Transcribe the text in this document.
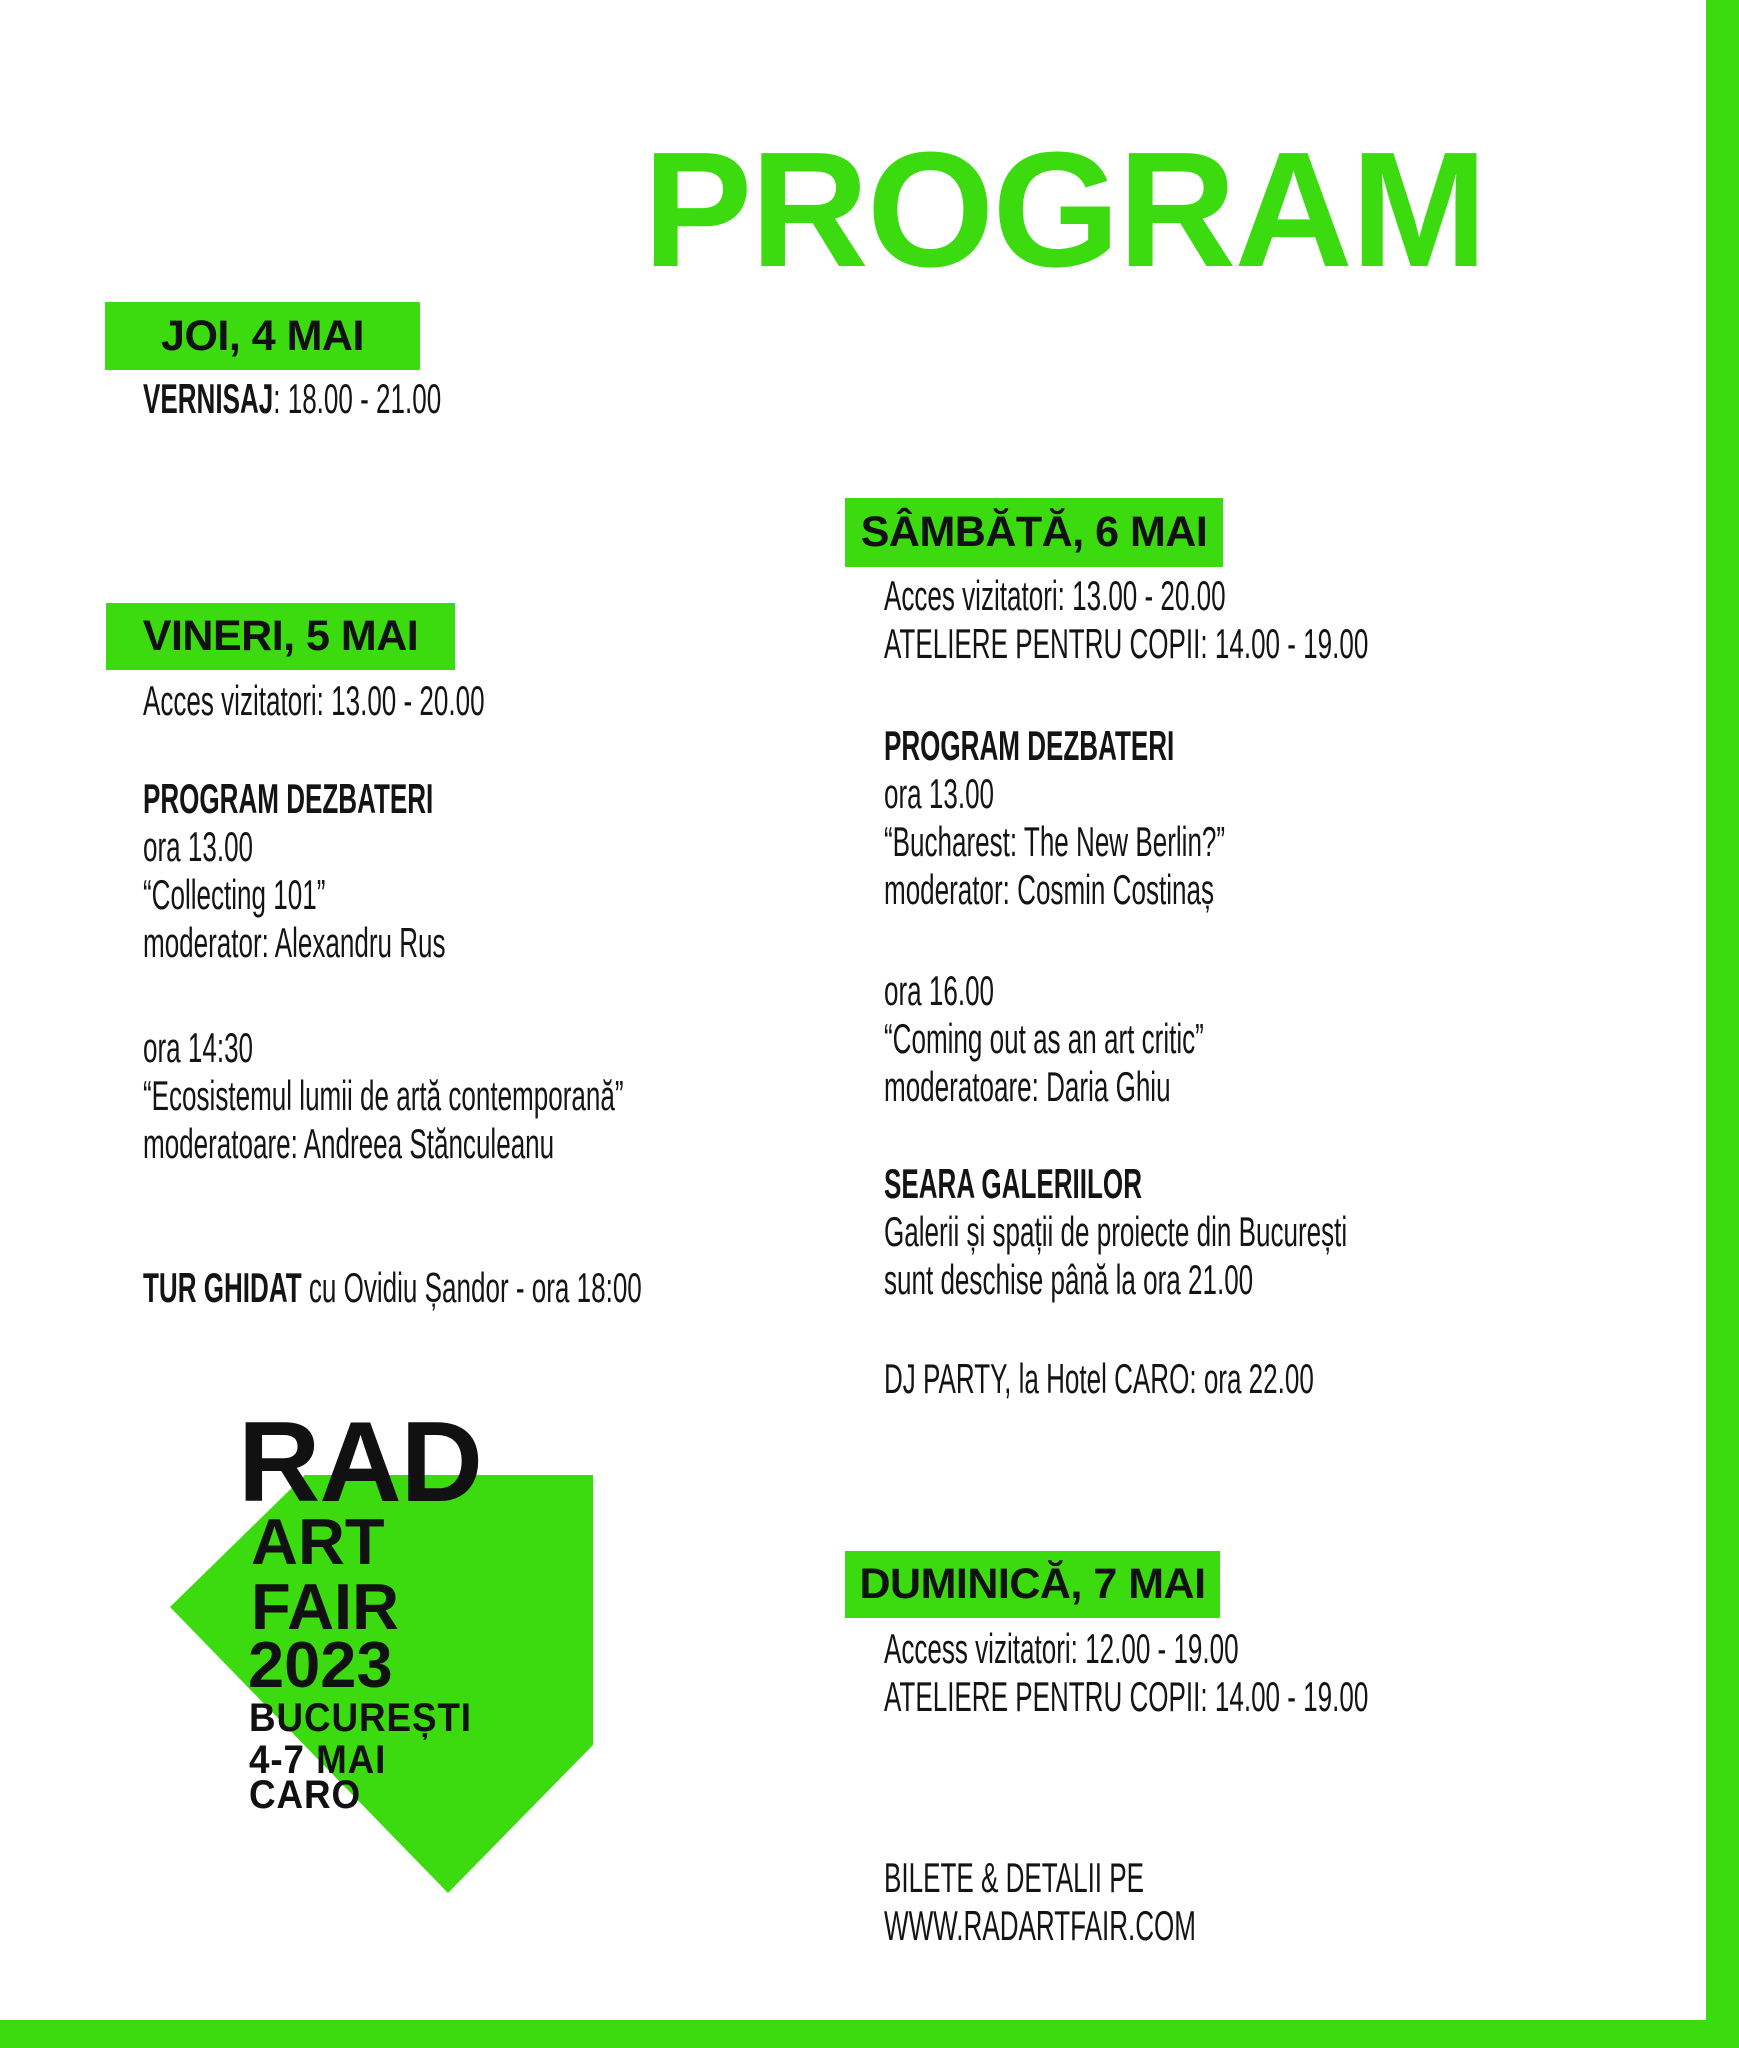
PROGRAM
JOI, 4 MAI
VERNISAJ: 18.00 - 21.00
VINERI, 5 MAI
Acces vizitatori: 13.00 - 20.00
PROGRAM DEZBATERI
ora 13.00
“Collecting 101”
moderator: Alexandru Rus
ora 14:30
“Ecosistemul lumii de artă contemporană”
moderatoare: Andreea Stănculeanu
TUR GHIDAT cu Ovidiu Șandor - ora 18:00
SÂMBĂTĂ, 6 MAI
Acces vizitatori: 13.00 - 20.00
ATELIERE PENTRU COPII: 14.00 - 19.00
PROGRAM DEZBATERI
ora 13.00
“Bucharest: The New Berlin?”
moderator: Cosmin Costinaș
ora 16.00
“Coming out as an art critic”
moderatoare: Daria Ghiu
SEARA GALERIILOR
Galerii și spații de proiecte din București
sunt deschise până la ora 21.00
DJ PARTY, la Hotel CARO: ora 22.00
DUMINICĂ, 7 MAI
Access vizitatori: 12.00 - 19.00
ATELIERE PENTRU COPII: 14.00 - 19.00
BILETE & DETALII PE
WWW.RADARTFAIR.COM
RAD
ART
FAIR
2023
BUCUREȘTI
4-7 MAI
CARO
